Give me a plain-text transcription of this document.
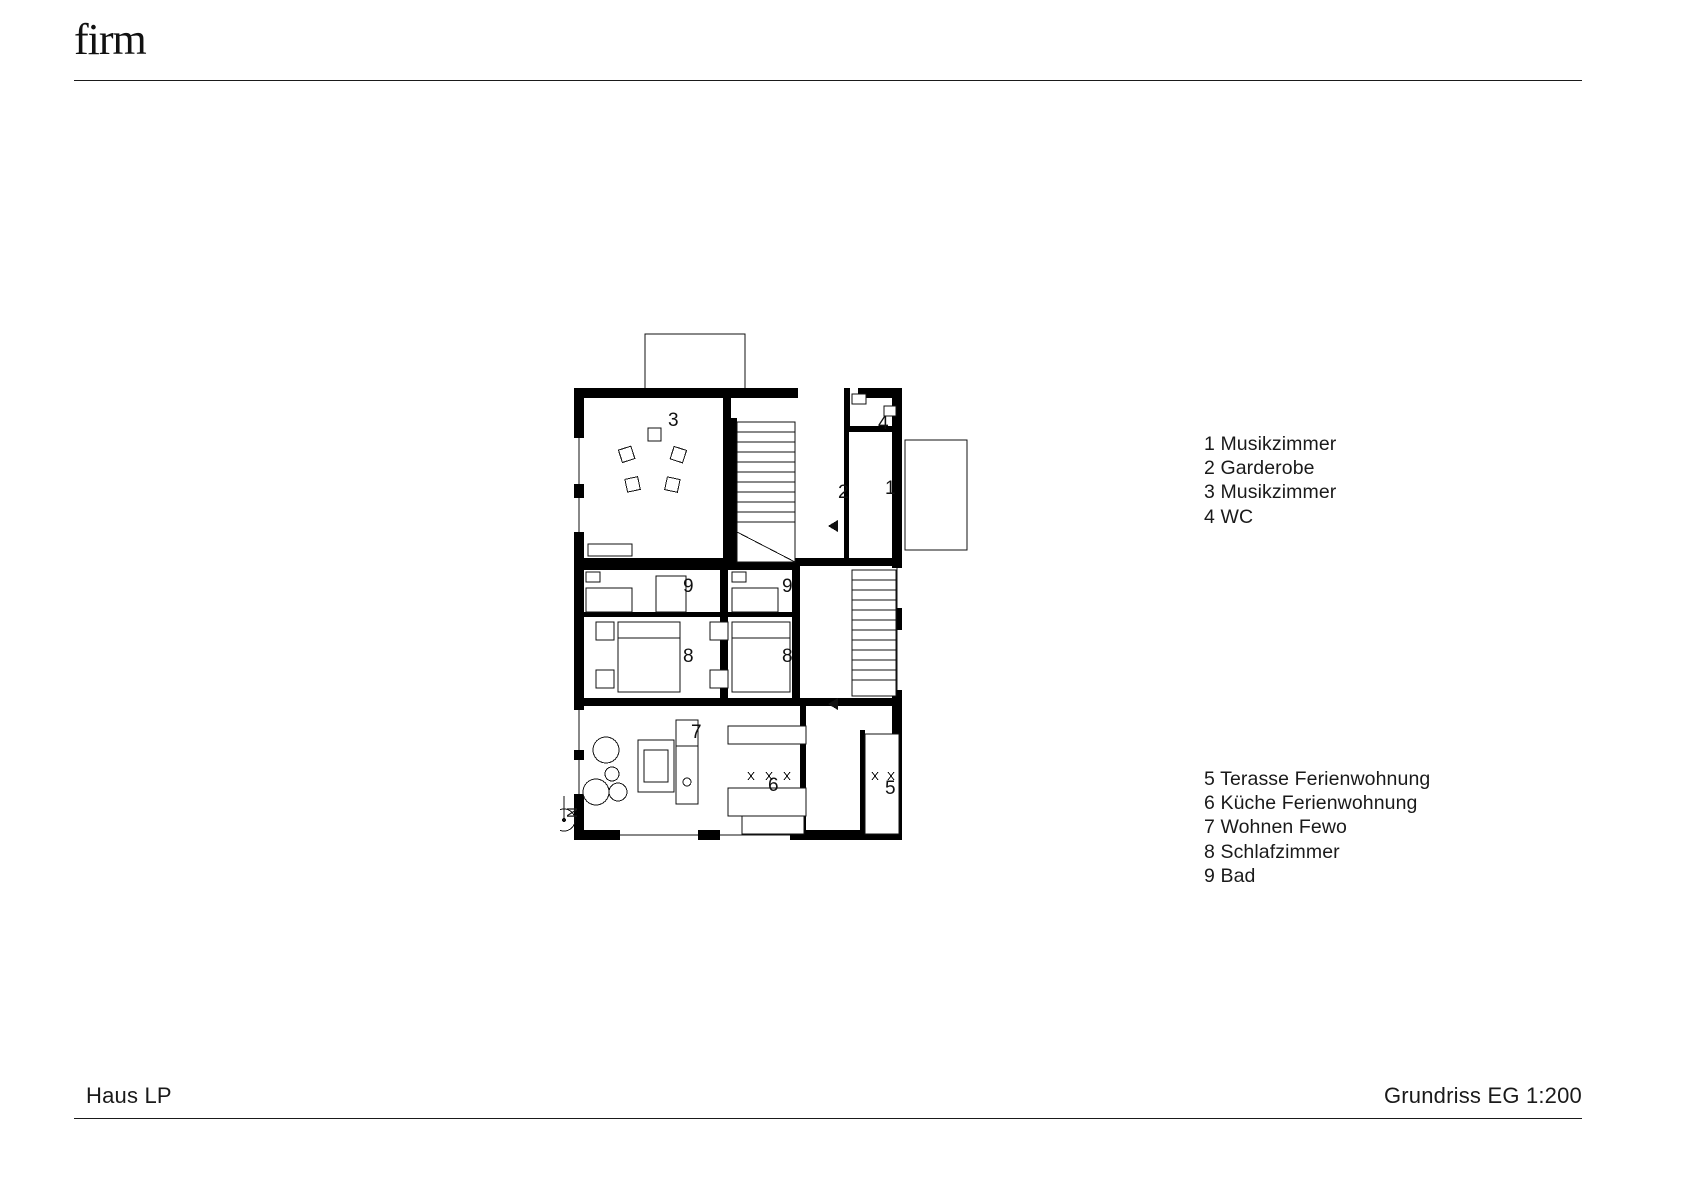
firm
1 Musikzimmer
2 Garderobe
3 Musikzimmer
4 WC
5 Terasse Ferienwohnung
6 Küche Ferienwohnung
7 Wohnen Fewo
8 Schlafzimmer
9 Bad
3	4
2 1
9	9
8	8
7
6	5
N
Haus LP	Grundriss EG 1:200
